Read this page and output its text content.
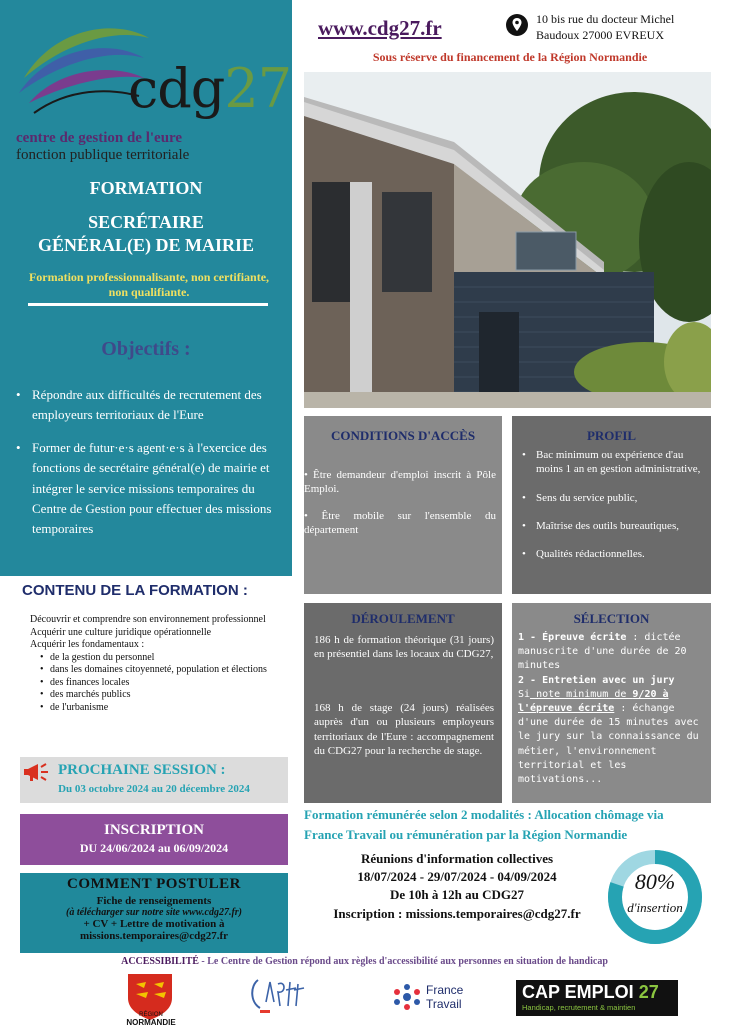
cdg27
centre de gestion de l'eure
fonction publique territoriale
FORMATION
SECRÉTAIRE
GÉNÉRAL(E) DE MAIRIE
Formation professionnalisante, non certifiante,
non qualifiante.
Objectifs :
• Répondre aux difficultés de recrutement des employeurs territoriaux de l'Eure
• Former de futur·e·s agent·e·s à l'exercice des fonctions de secrétaire général(e) de mairie et intégrer le service missions temporaires du Centre de Gestion pour effectuer des missions temporaires
www.cdg27.fr	10 bis rue du docteur Michel
Baudoux 27000 EVREUX
Sous réserve du financement de la Région Normandie
CONDITIONS D'ACCÈS
• Être demandeur d'emploi inscrit à Pôle Emploi.
• Être mobile sur l'ensemble du département
PROFIL
• Bac minimum ou expérience d'au moins 1 an en gestion administrative,
• Sens du service public,
• Maîtrise des outils bureautiques,
• Qualités rédactionnelles.
DÉROULEMENT
186 h de formation théorique (31 jours) en présentiel dans les locaux du CDG27,
168 h de stage (24 jours) réalisées auprès d'un ou plusieurs employeurs territoriaux de l'Eure : accompagnement du CDG27 pour la recherche de stage.
SÉLECTION
1 - Épreuve écrite : dictée manuscrite d'une durée de 20 minutes
2 - Entretien avec un jury
Si note minimum de 9/20 à l'épreuve écrite : échange d'une durée de 15 minutes avec le jury sur la connaissance du métier, l'environnement territorial et les motivations...
CONTENU DE LA FORMATION :
Découvrir et comprendre son environnement professionnel
Acquérir une culture juridique opérationnelle
Acquérir les fondamentaux :
• de la gestion du personnel
• dans les domaines citoyenneté, population et élections
• des finances locales
• des marchés publics
• de l'urbanisme
PROCHAINE SESSION :
Du 03 octobre 2024 au 20 décembre 2024
INSCRIPTION
DU 24/06/2024 au 06/09/2024
COMMENT POSTULER
Fiche de renseignements
(à télécharger sur notre site www.cdg27.fr)
+ CV + Lettre de motivation à
missions.temporaires@cdg27.fr
Formation rémunérée selon 2 modalités : Allocation chômage via
France Travail ou rémunération par la Région Normandie
Réunions d'information collectives
18/07/2024 - 29/07/2024 - 04/09/2024
De 10h à 12h au CDG27
Inscription : missions.temporaires@cdg27.fr
80%
d'insertion
ACCESSIBILITÉ - Le Centre de Gestion répond aux règles d'accessibilité aux personnes en situation de handicap
RÉGION
NORMANDIE
France
Travail
CAP EMPLOI 27
Handicap, recrutement & maintien
